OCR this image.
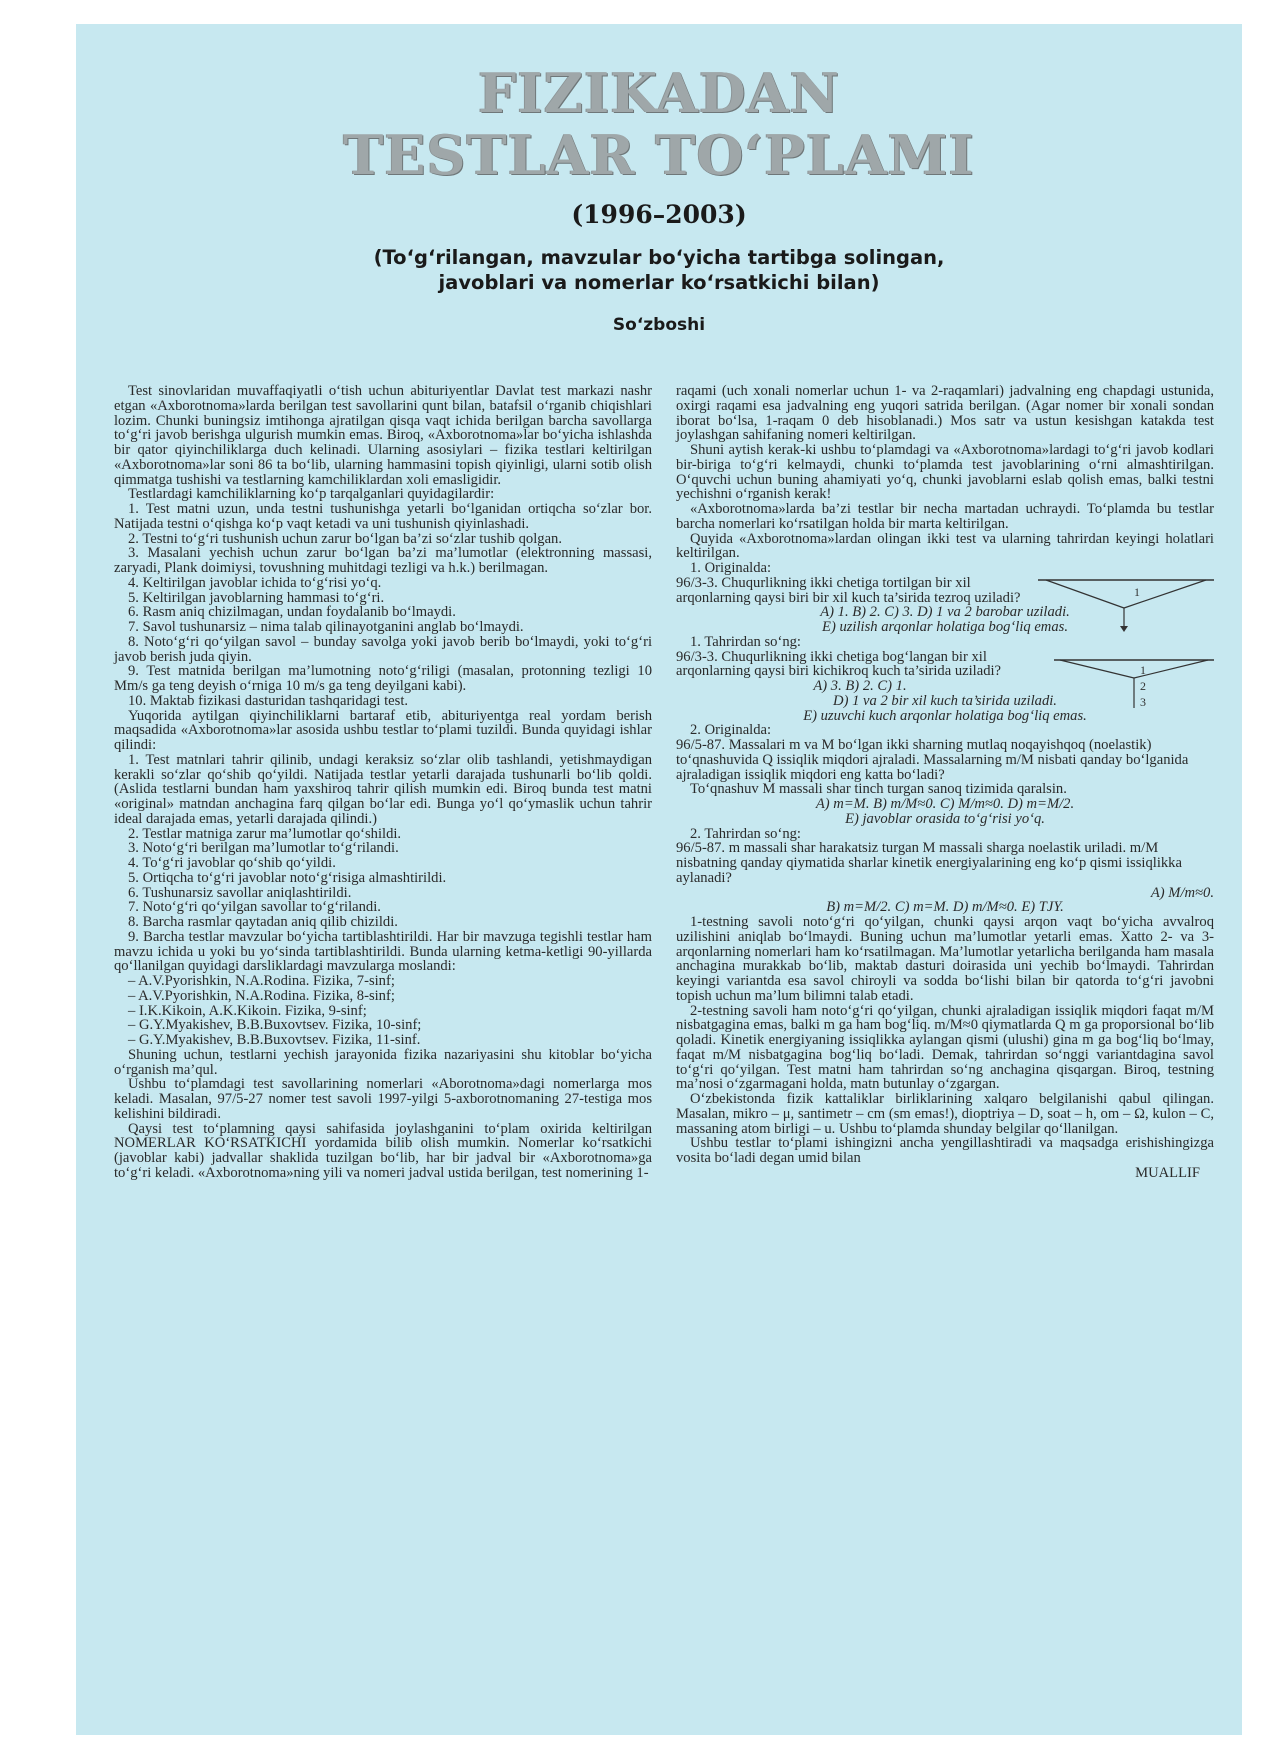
FIZIKADAN

TESTLAR TO‘PLAMI

(1996–2003)
(To‘g‘rilangan, mavzular bo‘yicha tartibga solingan,
javoblari va nomerlar ko‘rsatkichi bilan)
So‘zboshi

Test sinovlaridan muvaffaqiyatli o‘tish uchun abituriyentlar Davlat test markazi nashr etgan «Axborotnoma»larda berilgan test savollarini qunt bilan, batafsil o‘rganib chiqishlari lozim. Chunki buningsiz imtihonga ajratilgan qisqa vaqt ichida berilgan barcha savollarga to‘g‘ri javob berishga ulgurish mumkin emas. Biroq, «Axborotnoma»lar bo‘yicha ishlashda bir qator qiyinchiliklarga duch kelinadi. Ularning asosiylari – fizika testlari keltirilgan «Axborotnoma»lar soni 86 ta bo‘lib, ularning hammasini topish qiyinligi, ularni sotib olish qimmatga tushishi va testlarning kamchiliklardan xoli emasligidir.

Testlardagi kamchiliklarning ko‘p tarqalganlari quyidagilardir:

1. Test matni uzun, unda testni tushunishga yetarli bo‘lganidan ortiqcha so‘zlar bor. Natijada testni o‘qishga ko‘p vaqt ketadi va uni tushunish qiyinlashadi.

2. Testni to‘g‘ri tushunish uchun zarur bo‘lgan ba’zi so‘zlar tushib qolgan.

3. Masalani yechish uchun zarur bo‘lgan ba’zi ma’lumotlar (elektronning massasi, zaryadi, Plank doimiysi, tovushning muhitdagi tezligi va h.k.) berilmagan.

4. Keltirilgan javoblar ichida to‘g‘risi yo‘q.

5. Keltirilgan javoblarning hammasi to‘g‘ri.

6. Rasm aniq chizilmagan, undan foydalanib bo‘lmaydi.

7. Savol tushunarsiz – nima talab qilinayotganini anglab bo‘lmaydi.

8. Noto‘g‘ri qo‘yilgan savol – bunday savolga yoki javob berib bo‘lmaydi, yoki to‘g‘ri javob berish juda qiyin.

9. Test matnida berilgan ma’lumotning noto‘g‘riligi (masalan, protonning tezligi 10 Mm/s ga teng deyish o‘rniga 10 m/s ga teng deyilgani kabi).

10. Maktab fizikasi dasturidan tashqaridagi test.

Yuqorida aytilgan qiyinchiliklarni bartaraf etib, abituriyentga real yordam berish maqsadida «Axborotnoma»lar asosida ushbu testlar to‘plami tuzildi. Bunda quyidagi ishlar qilindi:

1. Test matnlari tahrir qilinib, undagi keraksiz so‘zlar olib tashlandi, yetishmaydigan kerakli so‘zlar qo‘shib qo‘yildi. Natijada testlar yetarli darajada tushunarli bo‘lib qoldi. (Aslida testlarni bundan ham yaxshiroq tahrir qilish mumkin edi. Biroq bunda test matni «original» matndan anchagina farq qilgan bo‘lar edi. Bunga yo‘l qo‘ymaslik uchun tahrir ideal darajada emas, yetarli darajada qilindi.)

2. Testlar matniga zarur ma’lumotlar qo‘shildi.

3. Noto‘g‘ri berilgan ma’lumotlar to‘g‘rilandi.

4. To‘g‘ri javoblar qo‘shib qo‘yildi.

5. Ortiqcha to‘g‘ri javoblar noto‘g‘risiga almashtirildi.

6. Tushunarsiz savollar aniqlashtirildi.

7. Noto‘g‘ri qo‘yilgan savollar to‘g‘rilandi.

8. Barcha rasmlar qaytadan aniq qilib chizildi.

9. Barcha testlar mavzular bo‘yicha tartiblashtirildi. Har bir mavzuga tegishli testlar ham mavzu ichida u yoki bu yo‘sinda tartiblashtirildi. Bunda ularning ketma-ketligi 90-yillarda qo‘llanilgan quyidagi darsliklardagi mavzularga moslandi:

– A.V.Pyorishkin, N.A.Rodina. Fizika, 7-sinf;

– A.V.Pyorishkin, N.A.Rodina. Fizika, 8-sinf;

– I.K.Kikoin, A.K.Kikoin. Fizika, 9-sinf;

– G.Y.Myakishev, B.B.Buxovtsev. Fizika, 10-sinf;

– G.Y.Myakishev, B.B.Buxovtsev. Fizika, 11-sinf.

Shuning uchun, testlarni yechish jarayonida fizika nazariyasini shu kitoblar bo‘yicha o‘rganish ma’qul.

Ushbu to‘plamdagi test savollarining nomerlari «Aborotnoma»dagi nomerlarga mos keladi. Masalan, 97/5-27 nomer test savoli 1997-yilgi 5-axborotnomaning 27-testiga mos kelishini bildiradi.

Qaysi test to‘plamning qaysi sahifasida joylashganini to‘plam oxirida keltirilgan NOMERLAR KO‘RSATKICHI yordamida bilib olish mumkin. Nomerlar ko‘rsatkichi (javoblar kabi) jadvallar shaklida tuzilgan bo‘lib, har bir jadval bir «Axborotnoma»ga to‘g‘ri keladi. «Axborotnoma»ning yili va nomeri jadval ustida berilgan, test nomerining 1-

raqami (uch xonali nomerlar uchun 1- va 2-raqamlari) jadvalning eng chapdagi ustunida, oxirgi raqami esa jadvalning eng yuqori satrida berilgan. (Agar nomer bir xonali sondan iborat bo‘lsa, 1-raqam 0 deb hisoblanadi.) Mos satr va ustun kesishgan katakda test joylashgan sahifaning nomeri keltirilgan.

Shuni aytish kerak-ki ushbu to‘plamdagi va «Axborotnoma»lardagi to‘g‘ri javob kodlari bir-biriga to‘g‘ri kelmaydi, chunki to‘plamda test javoblarining o‘rni almashtirilgan. O‘quvchi uchun buning ahamiyati yo‘q, chunki javoblarni eslab qolish emas, balki testni yechishni o‘rganish kerak!

«Axborotnoma»larda ba’zi testlar bir necha martadan uchraydi. To‘plamda bu testlar barcha nomerlari ko‘rsatilgan holda bir marta keltirilgan.

Quyida «Axborotnoma»lardan olingan ikki test va ularning tahrirdan keyingi holatlari keltirilgan.

1. Originalda:

1

96/3-3. Chuqurlikning ikki chetiga tortilgan bir xil arqonlarning qaysi biri bir xil kuch ta’sirida tezroq uziladi?

A) 1. B) 2. C) 3. D) 1 va 2 barobar uziladi.

E) uzilish arqonlar holatiga bog‘liq emas.

1. Tahrirdan so‘ng:

1
2
3

96/3-3. Chuqurlikning ikki chetiga bog‘langan bir xil arqonlarning qaysi biri kichikroq kuch ta’sirida uziladi?

A) 3. B) 2. C) 1.

D) 1 va 2 bir xil kuch ta’sirida uziladi.

E) uzuvchi kuch arqonlar holatiga bog‘liq emas.

2. Originalda:

96/5-87. Massalari m va M bo‘lgan ikki sharning mutlaq noqayishqoq (noelastik) to‘qnashuvida Q issiqlik miqdori ajraladi. Massalarning m/M nisbati qanday bo‘lganida ajraladigan issiqlik miqdori eng katta bo‘ladi?

To‘qnashuv M massali shar tinch turgan sanoq tizimida qaralsin.

A) m=M. B) m/M≈0. C) M/m≈0. D) m=M/2.

E) javoblar orasida to‘g‘risi yo‘q.

2. Tahrirdan so‘ng:

96/5-87. m massali shar harakatsiz turgan M massali sharga noelastik uriladi. m/M nisbatning qanday qiymatida sharlar kinetik energiyalarining eng ko‘p qismi issiqlikka aylanadi?

A) M/m≈0.

B) m=M/2. C) m=M. D) m/M≈0. E) TJY.

1-testning savoli noto‘g‘ri qo‘yilgan, chunki qaysi arqon vaqt bo‘yicha avvalroq uzilishini aniqlab bo‘lmaydi. Buning uchun ma’lumotlar yetarli emas. Xatto 2- va 3- arqonlarning nomerlari ham ko‘rsatilmagan. Ma’lumotlar yetarlicha berilganda ham masala anchagina murakkab bo‘lib, maktab dasturi doirasida uni yechib bo‘lmaydi. Tahrirdan keyingi variantda esa savol chiroyli va sodda bo‘lishi bilan bir qatorda to‘g‘ri javobni topish uchun ma’lum bilimni talab etadi.

2-testning savoli ham noto‘g‘ri qo‘yilgan, chunki ajraladigan issiqlik miqdori faqat m/M nisbatgagina emas, balki m ga ham bog‘liq. m/M≈0 qiymatlarda Q m ga proporsional bo‘lib qoladi. Kinetik energiyaning issiqlikka aylangan qismi (ulushi) gina m ga bog‘liq bo‘lmay, faqat m/M nisbatgagina bog‘liq bo‘ladi. Demak, tahrirdan so‘nggi variantdagina savol to‘g‘ri qo‘yilgan. Test matni ham tahrirdan so‘ng anchagina qisqargan. Biroq, testning ma’nosi o‘zgarmagani holda, matn butunlay o‘zgargan.

O‘zbekistonda fizik kattaliklar birliklarining xalqaro belgilanishi qabul qilingan. Masalan, mikro – μ, santimetr – cm (sm emas!), dioptriya – D, soat – h, om – Ω, kulon – C, massaning atom birligi – u. Ushbu to‘plamda shunday belgilar qo‘llanilgan.

Ushbu testlar to‘plami ishingizni ancha yengillashtiradi va maqsadga erishishingizga vosita bo‘ladi degan umid bilan

MUALLIF
